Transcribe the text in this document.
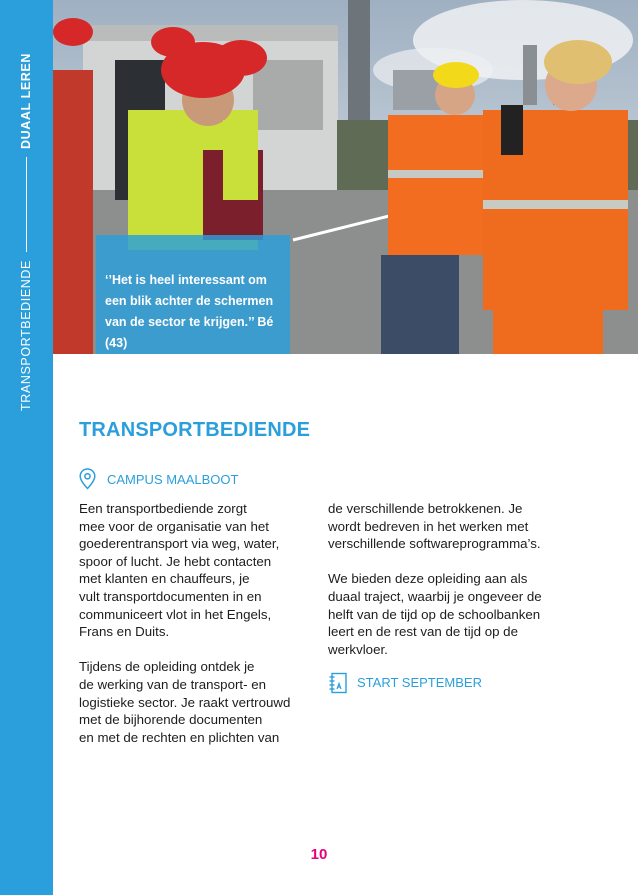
TRANSPORTBEDIENDE
DUAAL LEREN
‘’Het is heel interessant om een blik achter de schermen van de sector te krijgen.’’ Bé (43)
TRANSPORTBEDIENDE
CAMPUS MAALBOOT

Een transportbediende zorgt
mee voor de organisatie van het
goederentransport via weg, water,
spoor of lucht. Je hebt contacten
met klanten en chauffeurs, je
vult transportdocumenten in en
communiceert vlot in het Engels,
Frans en Duits.

Tijdens de opleiding ontdek je
de werking van de transport- en
logistieke sector. Je raakt vertrouwd
met de bijhorende documenten
en met de rechten en plichten van

de verschillende betrokkenen. Je
wordt bedreven in het werken met
verschillende softwareprogramma’s.

We bieden deze opleiding aan als
duaal traject, waarbij je ongeveer de
helft van de tijd op de schoolbanken
leert en de rest van de tijd op de
werkvloer.

START SEPTEMBER
10
